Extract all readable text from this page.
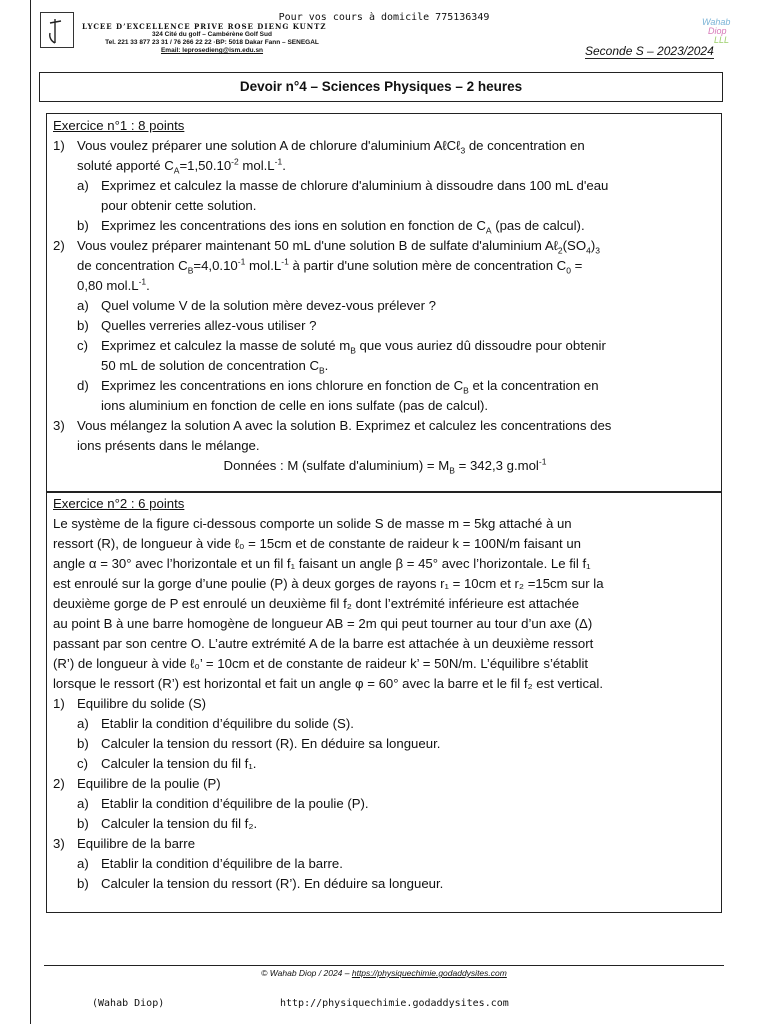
Pour vos cours à domicile 775136349
LYCEE D’EXCELLENCE PRIVE ROSE DIENG KUNTZ
324 Cité du golf – Cambérène Golf Sud
Tel. 221 33 877 23 31 / 76 266 22 22 ·BP: 5018 Dakar Fann – SENEGAL
Email: leprosedieng@ism.edu.sn
Wahab
Diop
LLL
Seconde S – 2023/2024
Devoir n°4 – Sciences Physiques – 2 heures
Exercice n°1 : 8 points
1) Vous voulez préparer une solution A de chlorure d'aluminium AℓCℓ$_3$ de concentration en
soluté apporté $C_A=1,50.10^{-2}$ $mol.L^{-1}$.
a) Exprimez et calculez la masse de chlorure d'aluminium à dissoudre dans 100 mL d'eau
pour obtenir cette solution.
b) Exprimez les concentrations des ions en solution en fonction de $C_A$ (pas de calcul).
2) Vous voulez préparer maintenant 50 mL d'une solution B de sulfate d'aluminium $A\ell_2(SO_4)_3$
de concentration $C_B=4,0.10^{-1}$ $mol.L^{-1}$ à partir d'une solution mère de concentration $C_0$ =
0,80 $mol.L^{-1}$.
a) Quel volume V de la solution mère devez-vous prélever ?
b) Quelles verreries allez-vous utiliser ?
c) Exprimez et calculez la masse de soluté $m_B$ que vous auriez dû dissoudre pour obtenir
50 mL de solution de concentration $C_B$.
d) Exprimez les concentrations en ions chlorure en fonction de $C_B$ et la concentration en
ions aluminium en fonction de celle en ions sulfate (pas de calcul).
3) Vous mélangez la solution A avec la solution B. Exprimez et calculez les concentrations des
ions présents dans le mélange.
Données : M (sulfate d'aluminium) = $M_B = 342,3$ g.mol$^{-1}$
Exercice n°2 : 6 points
Le système de la figure ci-dessous comporte un solide S de masse m = 5kg attaché à un
ressort (R), de longueur à vide ℓ₀ = 15cm et de constante de raideur k = 100N/m faisant un
angle α = 30° avec l’horizontale et un fil f₁ faisant un angle β = 45° avec l’horizontale. Le fil f₁
est enroulé sur la gorge d’une poulie (P) à deux gorges de rayons r₁ = 10cm et r₂ =15cm sur la
deuxième gorge de P est enroulé un deuxième fil f₂ dont l’extrémité inférieure est attachée
au point B à une barre homogène de longueur AB = 2m qui peut tourner au tour d’un axe (Δ)
passant par son centre O. L’autre extrémité A de la barre est attachée à un deuxième ressort
(R’) de longueur à vide ℓ₀’ = 10cm et de constante de raideur k’ = 50N/m. L’équilibre s’établit
lorsque le ressort (R’) est horizontal et fait un angle φ = 60° avec la barre et le fil f₂ est vertical.
1) Equilibre du solide (S)
a) Etablir la condition d’équilibre du solide (S).
b) Calculer la tension du ressort (R). En déduire sa longueur.
c) Calculer la tension du fil f₁.
2) Equilibre de la poulie (P)
a) Etablir la condition d’équilibre de la poulie (P).
b) Calculer la tension du fil f₂.
3) Equilibre de la barre
a) Etablir la condition d’équilibre de la barre.
b) Calculer la tension du ressort (R’). En déduire sa longueur.
© Wahab Diop / 2024 – https://physiquechimie.godaddysites.com
(Wahab Diop)	http://physiquechimie.godaddysites.com
